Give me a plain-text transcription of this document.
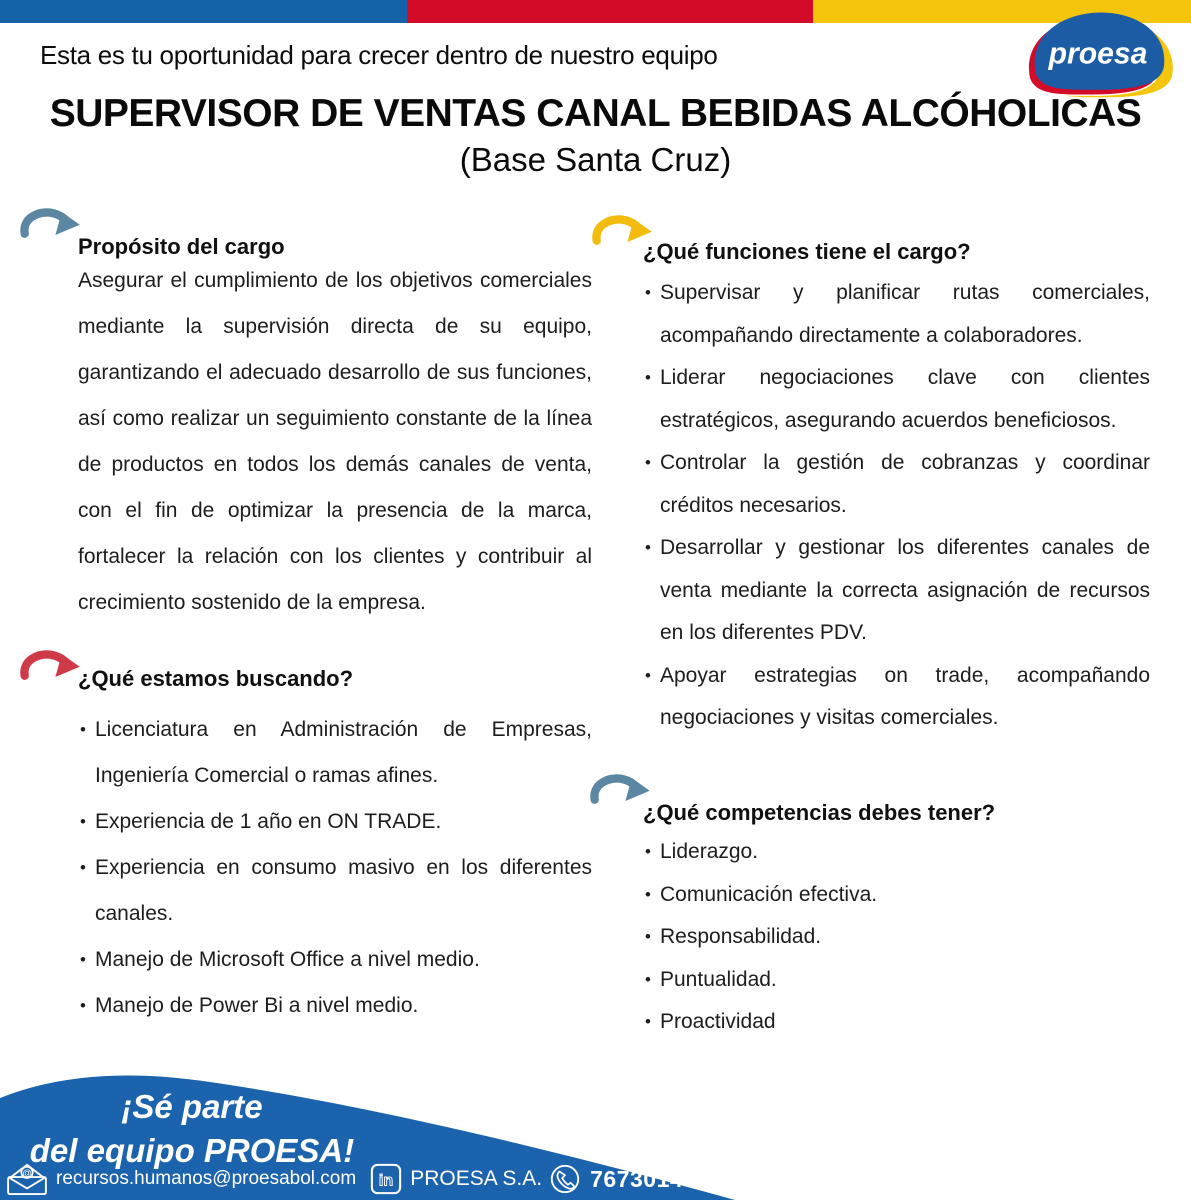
proesa
Esta es tu oportunidad para crecer dentro de nuestro equipo
SUPERVISOR DE VENTAS CANAL BEBIDAS ALCÓHOLICAS
(Base Santa Cruz)
Propósito del cargo
Asegurar el cumplimiento de los objetivos comerciales mediante la supervisión directa de su equipo, garantizando el adecuado desarrollo de sus funciones, así como realizar un seguimiento constante de la línea de productos en todos los demás canales de venta, con el fin de optimizar la presencia de la marca, fortalecer la relación con los clientes y contribuir al crecimiento sostenido de la empresa.
¿Qué estamos buscando?
• Licenciatura en Administración de Empresas, Ingeniería Comercial o ramas afines.
• Experiencia de 1 año en ON TRADE.
• Experiencia en consumo masivo en los diferentes canales.
• Manejo de Microsoft Office a nivel medio.
• Manejo de Power Bi a nivel medio.
¿Qué funciones tiene el cargo?
• Supervisar y planificar rutas comerciales, acompañando directamente a colaboradores.
• Liderar negociaciones clave con clientes estratégicos, asegurando acuerdos beneficiosos.
• Controlar la gestión de cobranzas y coordinar créditos necesarios.
• Desarrollar y gestionar los diferentes canales de venta mediante la correcta asignación de recursos en los diferentes PDV.
• Apoyar estrategias on trade, acompañando negociaciones y visitas comerciales.
¿Qué competencias debes tener?
• Liderazgo.
• Comunicación efectiva.
• Responsabilidad.
• Puntualidad.
• Proactividad
¡Sé parte
del equipo PROESA!
@ recursos.humanos@proesabol.com in PROESA S.A. 76730145
